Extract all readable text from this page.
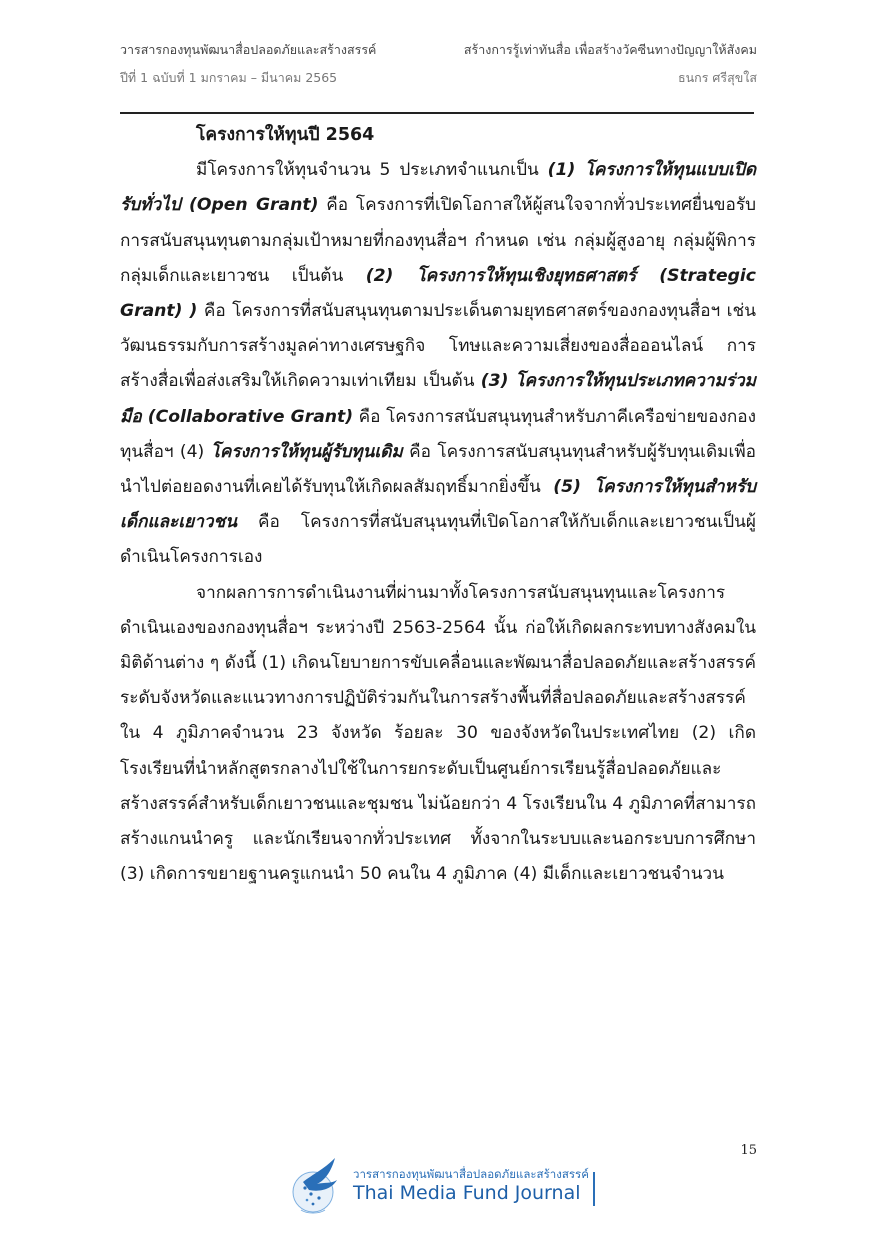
วารสารกองทุนพัฒนาสื่อปลอดภัยและสร้างสรรค์
ปีที่ 1 ฉบับที่ 1 มกราคม – มีนาคม 2565
สร้างการรู้เท่าทันสื่อ เพื่อสร้างวัคซีนทางปัญญาให้สังคม
ธนกร ศรีสุขใส

โครงการให้ทุนปี 2564

มีโครงการให้ทุนจำนวน 5 ประเภทจำแนกเป็น (1) โครงการให้ทุนแบบเปิดรับทั่วไป (Open Grant) คือ โครงการที่เปิดโอกาสให้ผู้สนใจจากทั่วประเทศยื่นขอรับการสนับสนุนทุนตามกลุ่มเป้าหมายที่กองทุนสื่อฯ กำหนด เช่น กลุ่มผู้สูงอายุ กลุ่มผู้พิการ กลุ่มเด็กและเยาวชน เป็นต้น (2) โครงการให้ทุนเชิงยุทธศาสตร์ (Strategic Grant) ) คือ โครงการที่สนับสนุนทุนตามประเด็นตามยุทธศาสตร์ของกองทุนสื่อฯ เช่น วัฒนธรรมกับการสร้างมูลค่าทางเศรษฐกิจ โทษและความเสี่ยงของสื่อออนไลน์ การสร้างสื่อเพื่อส่งเสริมให้เกิดความเท่าเทียม เป็นต้น (3) โครงการให้ทุนประเภทความร่วมมือ (Collaborative Grant) คือ โครงการสนับสนุนทุนสำหรับภาคีเครือข่ายของกองทุนสื่อฯ (4) โครงการให้ทุนผู้รับทุนเดิม คือ โครงการสนับสนุนทุนสำหรับผู้รับทุนเดิมเพื่อนำไปต่อยอดงานที่เคยได้รับทุนให้เกิดผลสัมฤทธิ์มากยิ่งขึ้น (5) โครงการให้ทุนสำหรับเด็กและเยาวชน คือ โครงการที่สนับสนุนทุนที่เปิดโอกาสให้กับเด็กและเยาวชนเป็นผู้ดำเนินโครงการเอง

จากผลการการดำเนินงานที่ผ่านมาทั้งโครงการสนับสนุนทุนและโครงการดำเนินเองของกองทุนสื่อฯ ระหว่างปี 2563-2564 นั้น ก่อให้เกิดผลกระทบทางสังคมในมิติด้านต่าง ๆ ดังนี้ (1) เกิดนโยบายการขับเคลื่อนและพัฒนาสื่อปลอดภัยและสร้างสรรค์ระดับจังหวัดและแนวทางการปฏิบัติร่วมกันในการสร้างพื้นที่สื่อปลอดภัยและสร้างสรรค์ใน 4 ภูมิภาคจำนวน 23 จังหวัด ร้อยละ 30 ของจังหวัดในประเทศไทย (2) เกิดโรงเรียนที่นำหลักสูตรกลางไปใช้ในการยกระดับเป็นศูนย์การเรียนรู้สื่อปลอดภัยและสร้างสรรค์สำหรับเด็กเยาวชนและชุมชน ไม่น้อยกว่า 4 โรงเรียนใน 4 ภูมิภาคที่สามารถสร้างแกนนำครู และนักเรียนจากทั่วประเทศ ทั้งจากในระบบและนอกระบบการศึกษา (3) เกิดการขยายฐานครูแกนนำ 50 คนใน 4 ภูมิภาค (4) มีเด็กและเยาวชนจำนวน

15
วารสารกองทุนพัฒนาสื่อปลอดภัยและสร้างสรรค์
Thai Media Fund Journal
